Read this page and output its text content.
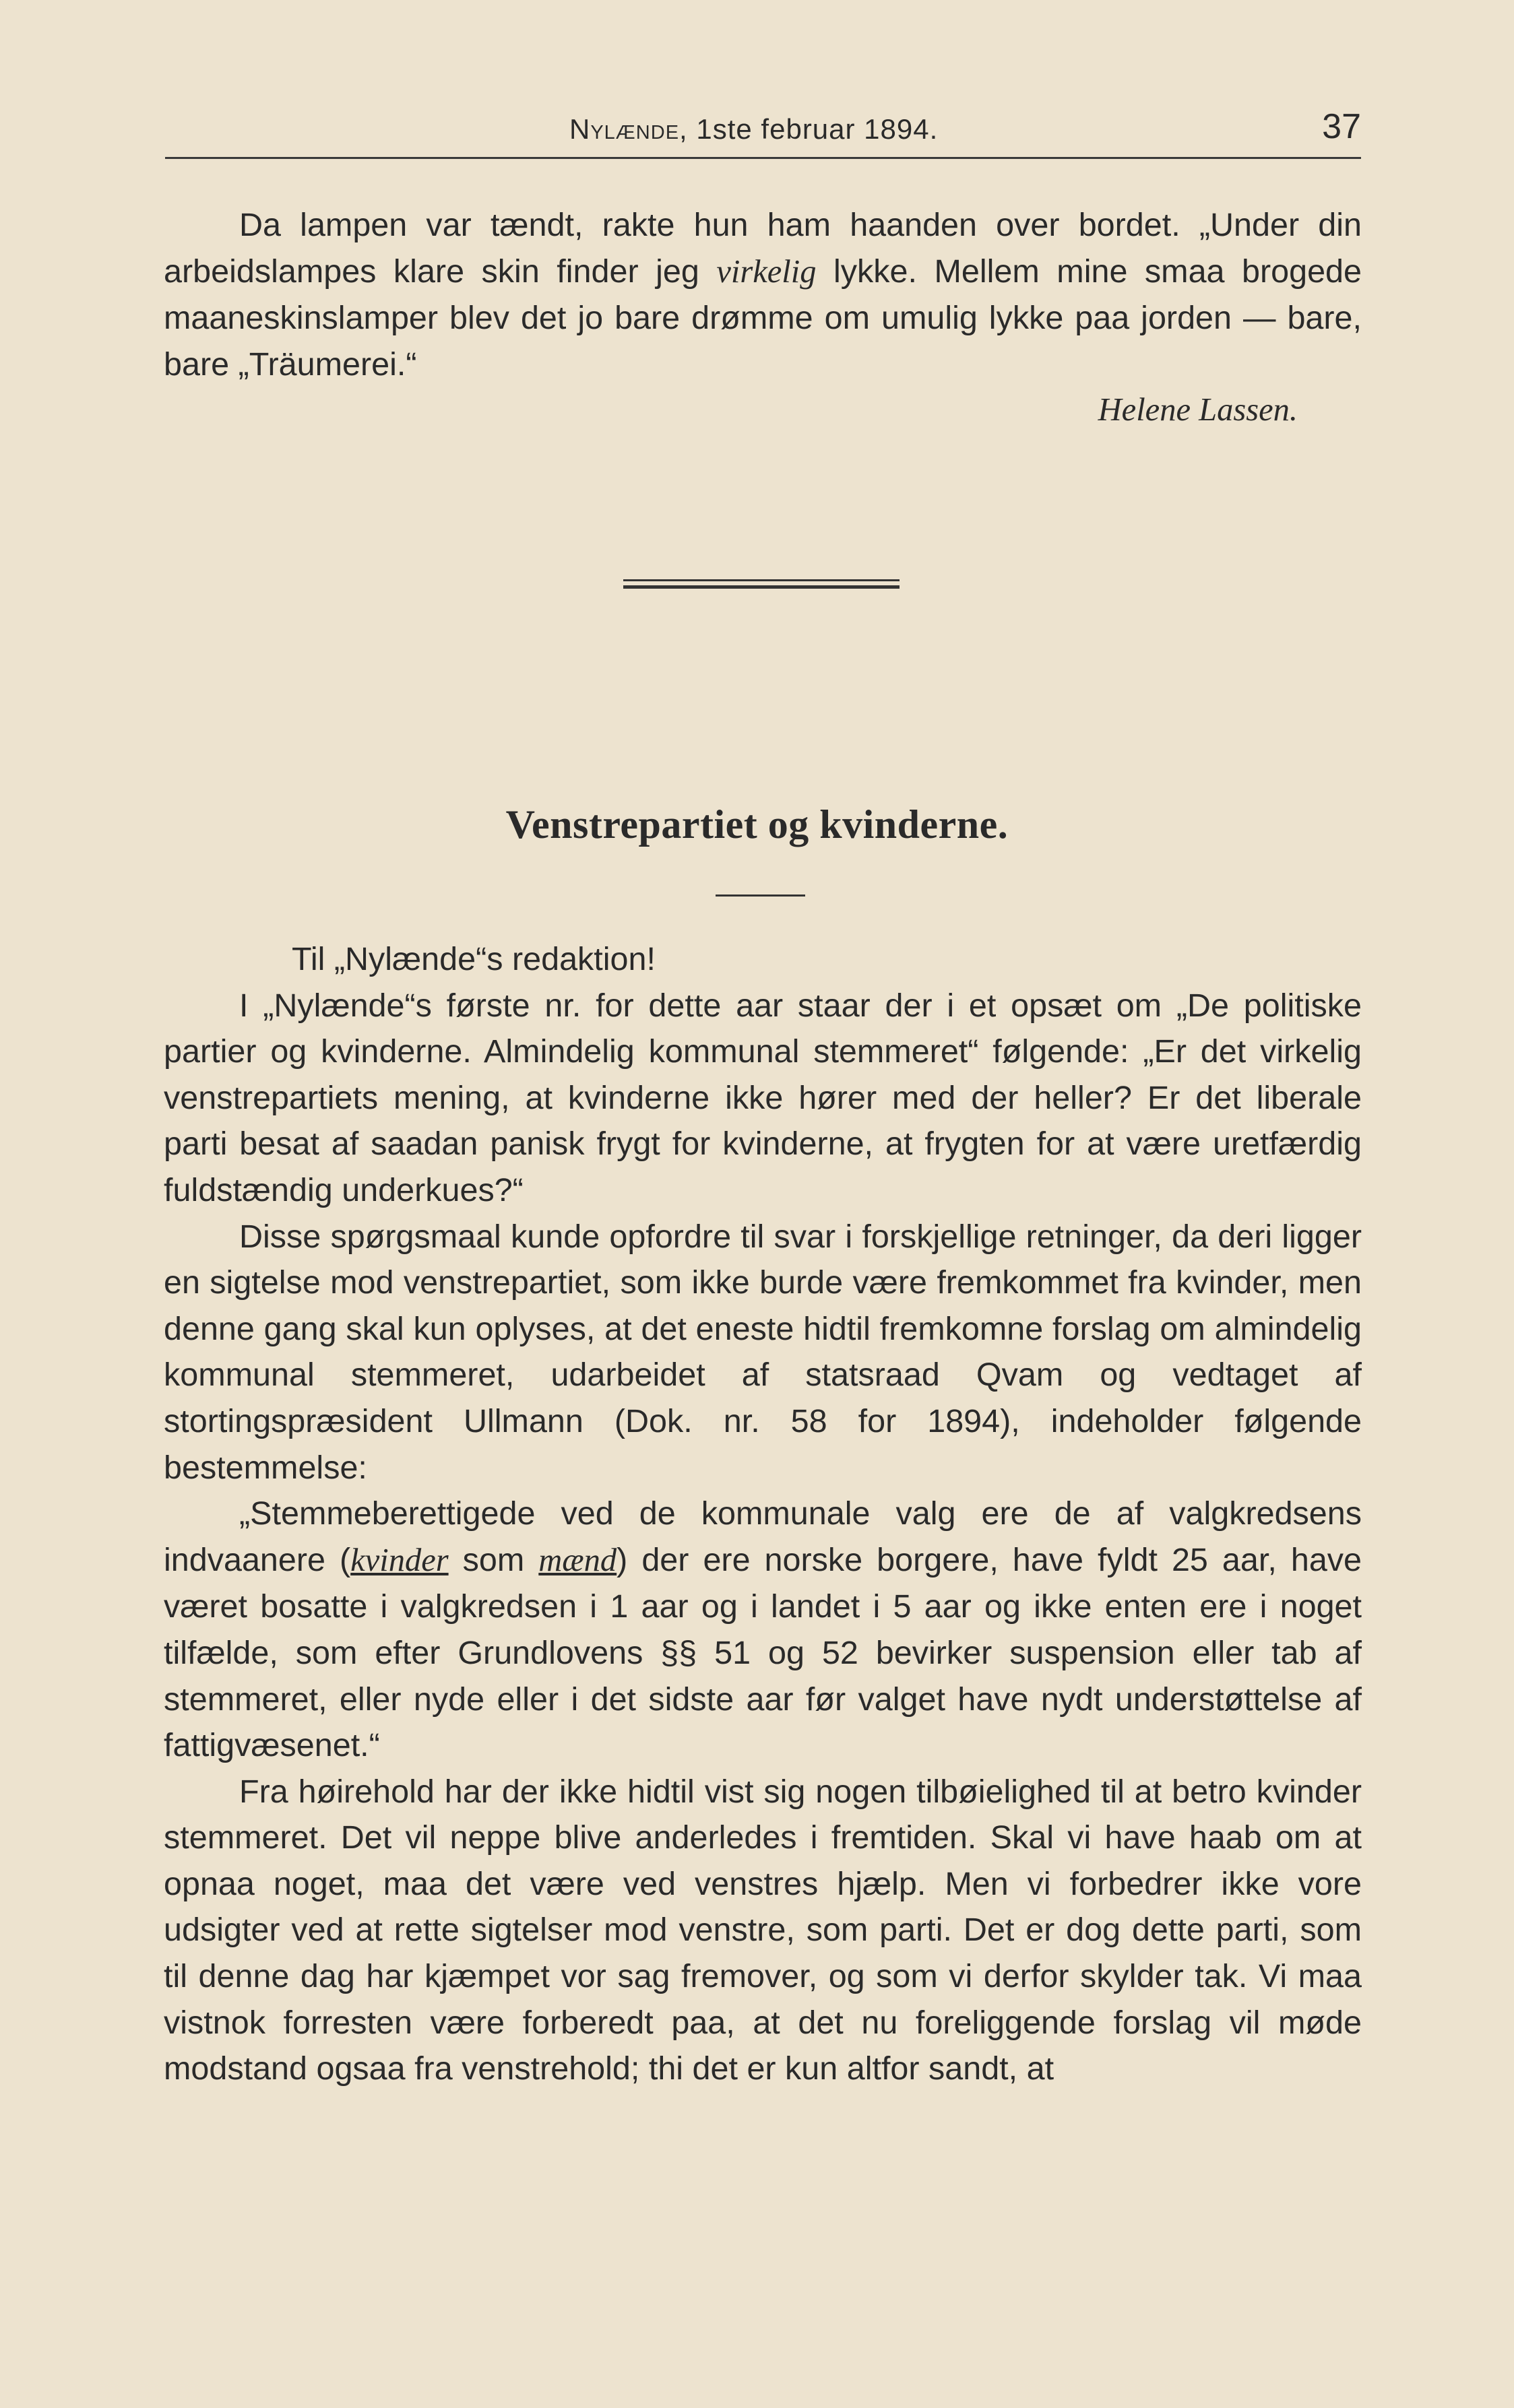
Nylænde, 1ste februar 1894.	37

Da lampen var tændt, rakte hun ham haanden over bordet. „Under din arbeidslampes klare skin finder jeg virkelig lykke. Mellem mine smaa brogede maaneskinslamper blev det jo bare drømme om umulig lykke paa jorden — bare, bare „Träumerei.“

Helene Lassen.

Venstrepartiet og kvinderne.

Til „Nylænde“s redaktion!

I „Nylænde“s første nr. for dette aar staar der i et opsæt om „De politiske partier og kvinderne. Almindelig kommunal stemmeret“ følgende: „Er det virkelig venstrepartiets mening, at kvinderne ikke hører med der heller? Er det liberale parti besat af saadan panisk frygt for kvinderne, at frygten for at være uretfærdig fuldstændig underkues?“

Disse spørgsmaal kunde opfordre til svar i forskjellige retninger, da deri ligger en sigtelse mod venstrepartiet, som ikke burde være fremkommet fra kvinder, men denne gang skal kun oplyses, at det eneste hidtil fremkomne forslag om almindelig kommunal stemmeret, udarbeidet af statsraad Qvam og vedtaget af stortingspræsident Ullmann (Dok. nr. 58 for 1894), indeholder følgende bestemmelse:

„Stemmeberettigede ved de kommunale valg ere de af valgkredsens indvaanere (kvinder som mænd) der ere norske borgere, have fyldt 25 aar, have været bosatte i valgkredsen i 1 aar og i landet i 5 aar og ikke enten ere i noget tilfælde, som efter Grundlovens §§ 51 og 52 bevirker suspension eller tab af stemmeret, eller nyde eller i det sidste aar før valget have nydt understøttelse af fattigvæsenet.“

Fra høirehold har der ikke hidtil vist sig nogen tilbøielighed til at betro kvinder stemmeret. Det vil neppe blive anderledes i fremtiden. Skal vi have haab om at opnaa noget, maa det være ved venstres hjælp. Men vi forbedrer ikke vore udsigter ved at rette sigtelser mod venstre, som parti. Det er dog dette parti, som til denne dag har kjæmpet vor sag fremover, og som vi derfor skylder tak. Vi maa vistnok forresten være forberedt paa, at det nu foreliggende forslag vil møde modstand ogsaa fra venstrehold; thi det er kun altfor sandt, at
